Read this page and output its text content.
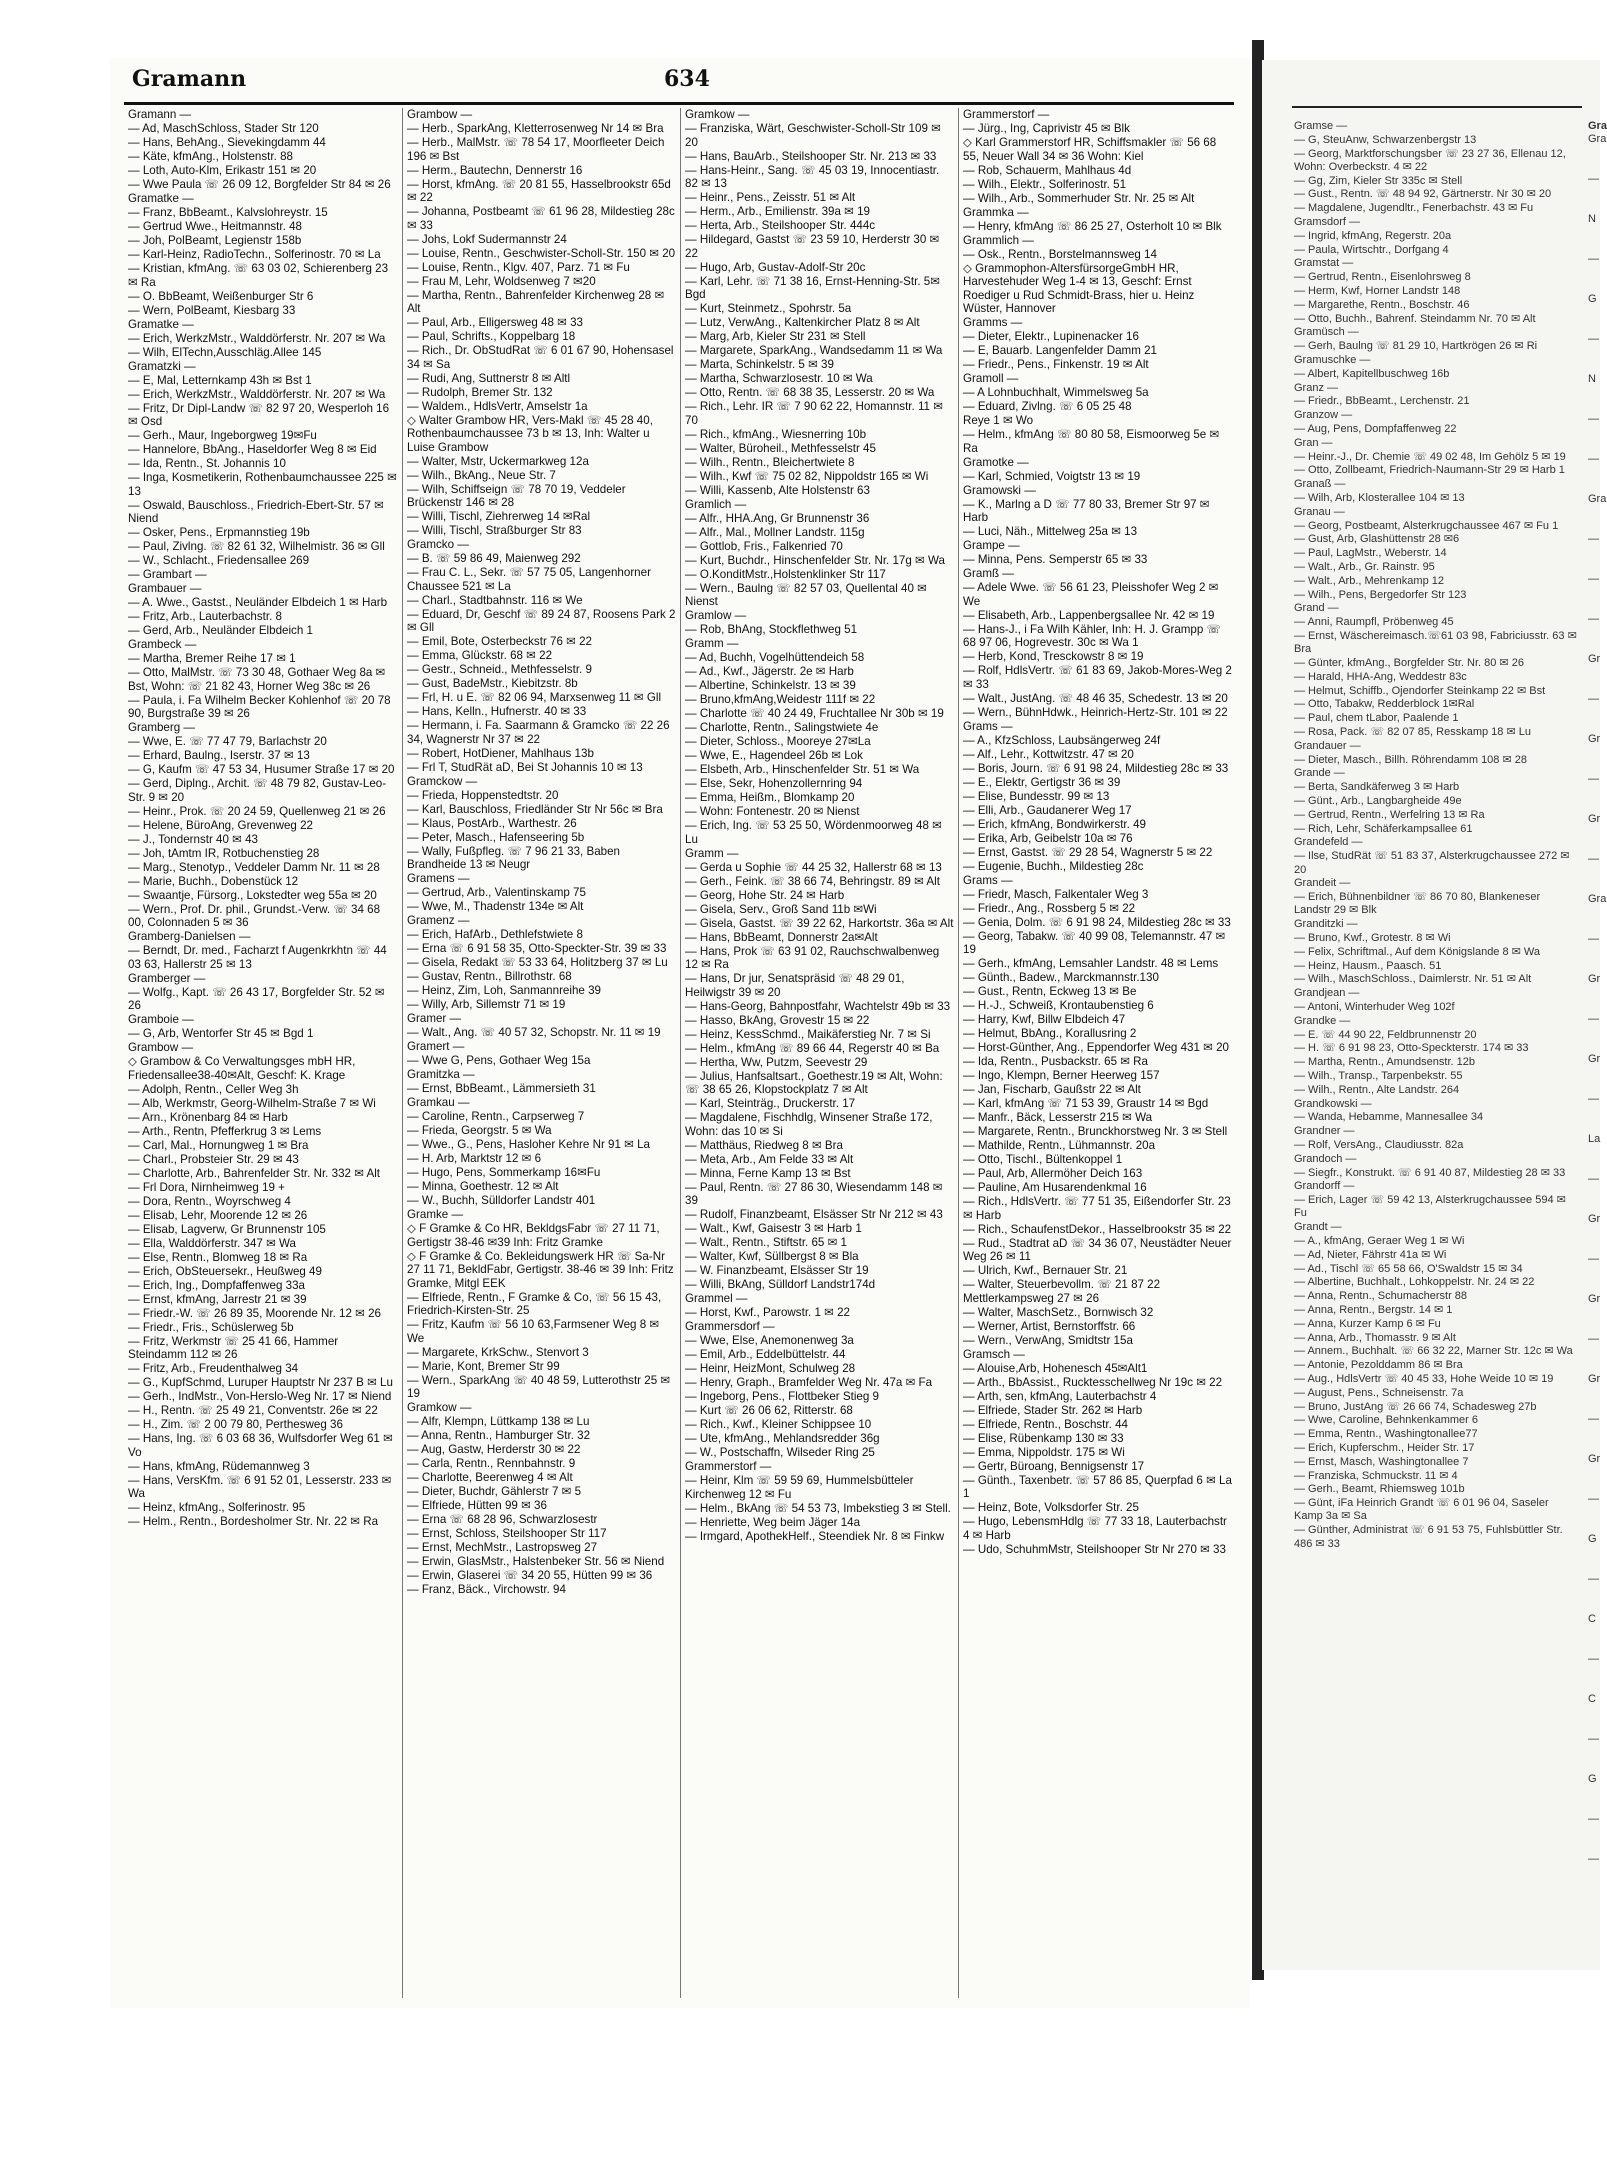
Gramann	634
Gramann —
— Ad, MaschSchloss, Stader Str 120
— Hans, BehAng., Sievekingdamm 44
— Käte, kfmAng., Holstenstr. 88
— Loth, Auto-Klm, Erikastr 151 ✉ 20
— Wwe Paula ☏ 26 09 12, Borgfelder Str 84 ✉ 26
Gramatke —
— Franz, BbBeamt., Kalvslohreystr. 15
— Gertrud Wwe., Heitmannstr. 48
— Joh, PolBeamt, Legienstr 158b
— Karl-Heinz, RadioTechn., Solferinostr. 70 ✉ La
— Kristian, kfmAng. ☏ 63 03 02, Schierenberg 23 ✉ Ra
— O. BbBeamt, Weißenburger Str 6
— Wern, PolBeamt, Kiesbarg 33
Gramatke —
— Erich, WerkzMstr., Walddörferstr. Nr. 207 ✉ Wa
— Wilh, ElTechn,Ausschläg.Allee 145
Gramatzki —
— E, Mal, Letternkamp 43h ✉ Bst 1
— Erich, WerkzMstr., Walddörferstr. Nr. 207 ✉ Wa
— Fritz, Dr Dipl-Landw ☏ 82 97 20, Wesperloh 16 ✉ Osd
— Gerh., Maur, Ingeborgweg 19✉Fu
— Hannelore, BbAng., Haseldorfer Weg 8 ✉ Eid
— Ida, Rentn., St. Johannis 10
— Inga, Kosmetikerin, Rothenbaumchaussee 225 ✉ 13
— Oswald, Bauschloss., Friedrich-Ebert-Str. 57 ✉ Niend
— Osker, Pens., Erpmannstieg 19b
— Paul, Zivlng. ☏ 82 61 32, Wilhelmistr. 36 ✉ Gll
— W., Schlacht., Friedensallee 269
— Grambart —
Grambauer —
— A. Wwe., Gastst., Neuländer Elbdeich 1 ✉ Harb
— Fritz, Arb., Lauterbachstr. 8
— Gerd, Arb., Neuländer Elbdeich 1
Grambeck —
— Martha, Bremer Reihe 17 ✉ 1
— Otto, MalMstr. ☏ 73 30 48, Gothaer Weg 8a ✉ Bst, Wohn: ☏ 21 82 43, Horner Weg 38c ✉ 26
— Paula, i. Fa Wilhelm Becker Kohlenhof ☏ 20 78 90, Burgstraße 39 ✉ 26
Gramberg —
— Wwe, E. ☏ 77 47 79, Barlachstr 20
— Erhard, Baulng., Iserstr. 37 ✉ 13
— G, Kaufm ☏ 47 53 34, Husumer Straße 17 ✉ 20
— Gerd, Diplng., Archit. ☏ 48 79 82, Gustav-Leo-Str. 9 ✉ 20
— Heinr., Prok. ☏ 20 24 59, Quellenweg 21 ✉ 26
— Helene, BüroAng, Grevenweg 22
— J., Tondernstr 40 ✉ 43
— Joh, tAmtm IR, Rotbuchenstieg 28
— Marg., Stenotyp., Veddeler Damm Nr. 11 ✉ 28
— Marie, Buchh., Dobenstück 12
— Swaantje, Fürsorg., Lokstedter weg 55a ✉ 20
— Wern., Prof. Dr. phil., Grundst.-Verw. ☏ 34 68 00, Colonnaden 5 ✉ 36
Gramberg-Danielsen —
— Berndt, Dr. med., Facharzt f Augenkrkhtn ☏ 44 03 63, Hallerstr 25 ✉ 13
Gramberger —
— Wolfg., Kapt. ☏ 26 43 17, Borgfelder Str. 52 ✉ 26
Gramboie —
— G, Arb, Wentorfer Str 45 ✉ Bgd 1
Grambow —
◇ Grambow & Co Verwaltungsges mbH HR, Friedensallee38-40✉Alt, Geschf: K. Krage
— Adolph, Rentn., Celler Weg 3h
— Alb, Werkmstr, Georg-Wilhelm-Straße 7 ✉ Wi
— Arn., Krönenbarg 84 ✉ Harb
— Arth., Rentn, Pfefferkrug 3 ✉ Lems
— Carl, Mal., Hornungweg 1 ✉ Bra
— Charl., Probsteier Str. 29 ✉ 43
— Charlotte, Arb., Bahrenfelder Str. Nr. 332 ✉ Alt
— Frl Dora, Nirnheimweg 19 +
— Dora, Rentn., Woyrschweg 4
— Elisab, Lehr, Moorende 12 ✉ 26
— Elisab, Lagverw, Gr Brunnenstr 105
— Ella, Walddörferstr. 347 ✉ Wa
— Else, Rentn., Blomweg 18 ✉ Ra
— Erich, ObSteuersekr., Heußweg 49
— Erich, Ing., Dompfaffenweg 33a
— Ernst, kfmAng, Jarrestr 21 ✉ 39
— Friedr.-W. ☏ 26 89 35, Moorende Nr. 12 ✉ 26
— Friedr., Fris., Schüslerweg 5b
— Fritz, Werkmstr ☏ 25 41 66, Hammer Steindamm 112 ✉ 26
— Fritz, Arb., Freudenthalweg 34
— G., KupfSchmd, Luruper Hauptstr Nr 237 B ✉ Lu
— Gerh., IndMstr., Von-Herslo-Weg Nr. 17 ✉ Niend
— H., Rentn. ☏ 25 49 21, Conventstr. 26e ✉ 22
— H., Zim. ☏ 2 00 79 80, Perthesweg 36
— Hans, Ing. ☏ 6 03 68 36, Wulfsdorfer Weg 61 ✉ Vo
— Hans, kfmAng, Rüdemannweg 3
— Hans, VersKfm. ☏ 6 91 52 01, Lesserstr. 233 ✉ Wa
— Heinz, kfmAng., Solferinostr. 95
— Helm., Rentn., Bordesholmer Str. Nr. 22 ✉ Ra
Grambow —
— Herb., SparkAng, Kletterrosenweg Nr 14 ✉ Bra
— Herb., MalMstr. ☏ 78 54 17, Moorfleeter Deich 196 ✉ Bst
— Herm., Bautechn, Dennerstr 16
— Horst, kfmAng. ☏ 20 81 55, Hasselbrookstr 65d ✉ 22
— Johanna, Postbeamt ☏ 61 96 28, Mildestieg 28c ✉ 33
— Johs, Lokf Sudermannstr 24
— Louise, Rentn., Geschwister-Scholl-Str. 150 ✉ 20
— Louise, Rentn., Klgv. 407, Parz. 71 ✉ Fu
— Frau M, Lehr, Woldsenweg 7 ✉20
— Martha, Rentn., Bahrenfelder Kirchenweg 28 ✉ Alt
— Paul, Arb., Elligersweg 48 ✉ 33
— Paul, Schrifts., Koppelbarg 18
— Rich., Dr. ObStudRat ☏ 6 01 67 90, Hohensasel 34 ✉ Sa
— Rudi, Ang, Suttnerstr 8 ✉ Altl
— Rudolph, Bremer Str. 132
— Waldem., HdlsVertr, Amselstr 1a
◇ Walter Grambow HR, Vers-Makl ☏ 45 28 40, Rothenbaumchaussee 73 b ✉ 13, Inh: Walter u Luise Grambow
— Walter, Mstr, Uckermarkweg 12a
— Wilh., BkAng., Neue Str. 7
— Wilh, Schiffseign ☏ 78 70 19, Veddeler Brückenstr 146 ✉ 28
— Willi, Tischl, Ziehrerweg 14 ✉Ral
— Willi, Tischl, Straßburger Str 83
Gramcko —
— B. ☏ 59 86 49, Maienweg 292
— Frau C. L., Sekr. ☏ 57 75 05, Langenhorner Chaussee 521 ✉ La
— Charl., Stadtbahnstr. 116 ✉ We
— Eduard, Dr, Geschf ☏ 89 24 87, Roosens Park 2 ✉ Gll
— Emil, Bote, Osterbeckstr 76 ✉ 22
— Emma, Glückstr. 68 ✉ 22
— Gestr., Schneid., Methfesselstr. 9
— Gust, BadeMstr., Kiebitzstr. 8b
— Frl, H. u E. ☏ 82 06 94, Marxsenweg 11 ✉ Gll
— Hans, Kelln., Hufnerstr. 40 ✉ 33
— Hermann, i. Fa. Saarmann & Gramcko ☏ 22 26 34, Wagnerstr Nr 37 ✉ 22
— Robert, HotDiener, Mahlhaus 13b
— Frl T, StudRät aD, Bei St Johannis 10 ✉ 13
Gramckow —
— Frieda, Hoppenstedtstr. 20
— Karl, Bauschloss, Friedländer Str Nr 56c ✉ Bra
— Klaus, PostArb., Warthestr. 26
— Peter, Masch., Hafenseering 5b
— Wally, Fußpfleg. ☏ 7 96 21 33, Baben Brandheide 13 ✉ Neugr
Gramens —
— Gertrud, Arb., Valentinskamp 75
— Wwe, M., Thadenstr 134e ✉ Alt
Gramenz —
— Erich, HafArb., Dethlefstwiete 8
— Erna ☏ 6 91 58 35, Otto-Speckter-Str. 39 ✉ 33
— Gisela, Redakt ☏ 53 33 64, Holitzberg 37 ✉ Lu
— Gustav, Rentn., Billrothstr. 68
— Heinz, Zim, Loh, Sanmannreihe 39
— Willy, Arb, Sillemstr 71 ✉ 19
Gramer —
— Walt., Ang. ☏ 40 57 32, Schopstr. Nr. 11 ✉ 19
Gramert —
— Wwe G, Pens, Gothaer Weg 15a
Gramitzka —
— Ernst, BbBeamt., Lämmersieth 31
Gramkau —
— Caroline, Rentn., Carpserweg 7
— Frieda, Georgstr. 5 ✉ Wa
— Wwe., G., Pens, Hasloher Kehre Nr 91 ✉ La
— H. Arb, Marktstr 12 ✉ 6
— Hugo, Pens, Sommerkamp 16✉Fu
— Minna, Goethestr. 12 ✉ Alt
— W., Buchh, Sülldorfer Landstr 401
Gramke —
◇ F Gramke & Co HR, BekldgsFabr ☏ 27 11 71, Gertigstr 38-46 ✉39 Inh: Fritz Gramke
◇ F Gramke & Co. Bekleidungswerk HR ☏ Sa-Nr 27 11 71, BekldFabr, Gertigstr. 38-46 ✉ 39 Inh: Fritz Gramke, Mitgl EEK
— Elfriede, Rentn., F Gramke & Co, ☏ 56 15 43, Friedrich-Kirsten-Str. 25
— Fritz, Kaufm ☏ 56 10 63,Farmsener Weg 8 ✉ We
— Margarete, KrkSchw., Stenvort 3
— Marie, Kont, Bremer Str 99
— Wern., SparkAng ☏ 40 48 59, Lutterothstr 25 ✉ 19
Gramkow —
— Alfr, Klempn, Lüttkamp 138 ✉ Lu
— Anna, Rentn., Hamburger Str. 32
— Aug, Gastw, Herderstr 30 ✉ 22
— Carla, Rentn., Rennbahnstr. 9
— Charlotte, Beerenweg 4 ✉ Alt
— Dieter, Buchdr, Gählerstr 7 ✉ 5
— Elfriede, Hütten 99 ✉ 36
— Erna ☏ 68 28 96, Schwarzlosestr
— Ernst, Schloss, Steilshooper Str 117
— Ernst, MechMstr., Lastropsweg 27
— Erwin, GlasMstr., Halstenbeker Str. 56 ✉ Niend
— Erwin, Glaserei ☏ 34 20 55, Hütten 99 ✉ 36
— Franz, Bäck., Virchowstr. 94
Gramkow —
— Franziska, Wärt, Geschwister-Scholl-Str 109 ✉ 20
— Hans, BauArb., Steilshooper Str. Nr. 213 ✉ 33
— Hans-Heinr., Sang. ☏ 45 03 19, Innocentiastr. 82 ✉ 13
— Heinr., Pens., Zeisstr. 51 ✉ Alt
— Herm., Arb., Emilienstr. 39a ✉ 19
— Herta, Arb., Steilshooper Str. 444c
— Hildegard, Gastst ☏ 23 59 10, Herderstr 30 ✉ 22
— Hugo, Arb, Gustav-Adolf-Str 20c
— Karl, Lehr. ☏ 71 38 16, Ernst-Henning-Str. 5✉ Bgd
— Kurt, Steinmetz., Spohrstr. 5a
— Lutz, VerwAng., Kaltenkircher Platz 8 ✉ Alt
— Marg, Arb, Kieler Str 231 ✉ Stell
— Margarete, SparkAng., Wandsedamm 11 ✉ Wa
— Marta, Schinkelstr. 5 ✉ 39
— Martha, Schwarzlosestr. 10 ✉ Wa
— Otto, Rentn. ☏ 68 38 35, Lesserstr. 20 ✉ Wa
— Rich., Lehr. IR ☏ 7 90 62 22, Homannstr. 11 ✉ 70
— Rich., kfmAng., Wiesnerring 10b
— Walter, Büroheil., Methfesselstr 45
— Wilh., Rentn., Bleichertwiete 8
— Wilh., Kwf ☏ 75 02 82, Nippoldstr 165 ✉ Wi
— Willi, Kassenb, Alte Holstenstr 63
Gramlich —
— Alfr., HHA.Ang, Gr Brunnenstr 36
— Alfr., Mal., Mollner Landstr. 115g
— Gottlob, Fris., Falkenried 70
— Kurt, Buchdr., Hinschenfelder Str. Nr. 17g ✉ Wa
— O.KonditMstr.,Holstenklinker Str 117
— Wern., Baulng ☏ 82 57 03, Quellental 40 ✉ Nienst
Gramlow —
— Rob, BhAng, Stockflethweg 51
Gramm —
— Ad, Buchh, Vogelhüttendeich 58
— Ad., Kwf., Jägerstr. 2e ✉ Harb
— Albertine, Schinkelstr. 13 ✉ 39
— Bruno,kfmAng,Weidestr 111f ✉ 22
— Charlotte ☏ 40 24 49, Fruchtallee Nr 30b ✉ 19
— Charlotte, Rentn., Salingstwiete 4e
— Dieter, Schloss., Mooreye 27✉La
— Wwe, E., Hagendeel 26b ✉ Lok
— Elsbeth, Arb., Hinschenfelder Str. 51 ✉ Wa
— Else, Sekr, Hohenzollernring 94
— Emma, Heißm., Blomkamp 20
— Wohn: Fontenestr. 20 ✉ Nienst
— Erich, Ing. ☏ 53 25 50, Wördenmoorweg 48 ✉ Lu
Gramm —
— Gerda u Sophie ☏ 44 25 32, Hallerstr 68 ✉ 13
— Gerh., Feink. ☏ 38 66 74, Behringstr. 89 ✉ Alt
— Georg, Hohe Str. 24 ✉ Harb
— Gisela, Serv., Groß Sand 11b ✉Wi
— Gisela, Gastst. ☏ 39 22 62, Harkortstr. 36a ✉ Alt
— Hans, BbBeamt, Donnerstr 2a✉Alt
— Hans, Prok ☏ 63 91 02, Rauchschwalbenweg 12 ✉ Ra
— Hans, Dr jur, Senatspräsid ☏ 48 29 01, Heilwigstr 39 ✉ 20
— Hans-Georg, Bahnpostfahr, Wachtelstr 49b ✉ 33
— Hasso, BkAng, Grovestr 15 ✉ 22
— Heinz, KessSchmd., Maikäferstieg Nr. 7 ✉ Si
— Helm., kfmAng ☏ 89 66 44, Regerstr 40 ✉ Ba
— Hertha, Ww, Putzm, Seevestr 29
— Julius, Hanfsaltsart., Goethestr.19 ✉ Alt, Wohn: ☏ 38 65 26, Klopstockplatz 7 ✉ Alt
— Karl, Steinträg., Druckerstr. 17
— Magdalene, Fischhdlg, Winsener Straße 172, Wohn: das 10 ✉ Si
— Matthäus, Riedweg 8 ✉ Bra
— Meta, Arb., Am Felde 33 ✉ Alt
— Minna, Ferne Kamp 13 ✉ Bst
— Paul, Rentn. ☏ 27 86 30, Wiesendamm 148 ✉ 39
— Rudolf, Finanzbeamt, Elsässer Str Nr 212 ✉ 43
— Walt., Kwf, Gaisestr 3 ✉ Harb 1
— Walt., Rentn., Stiftstr. 65 ✉ 1
— Walter, Kwf, Süllbergst 8 ✉ Bla
— W. Finanzbeamt, Elsässer Str 19
— Willi, BkAng, Sülldorf Landstr174d
Grammel —
— Horst, Kwf., Parowstr. 1 ✉ 22
Grammersdorf —
— Wwe, Else, Anemonenweg 3a
— Emil, Arb., Eddelbüttelstr. 44
— Heinr, HeizMont, Schulweg 28
— Henry, Graph., Bramfelder Weg Nr. 47a ✉ Fa
— Ingeborg, Pens., Flottbeker Stieg 9
— Kurt ☏ 26 06 62, Ritterstr. 68
— Rich., Kwf., Kleiner Schippsee 10
— Ute, kfmAng., Mehlandsredder 36g
— W., Postschaffn, Wilseder Ring 25
Grammerstorf —
— Heinr, Klm ☏ 59 59 69, Hummelsbütteler Kirchenweg 12 ✉ Fu
— Helm., BkAng ☏ 54 53 73, Imbekstieg 3 ✉ Stell.
— Henriette, Weg beim Jäger 14a
— Irmgard, ApothekHelf., Steendiek Nr. 8 ✉ Finkw
Grammerstorf —
— Jürg., Ing, Caprivistr 45 ✉ Blk
◇ Karl Grammerstorf HR, Schiffsmakler ☏ 56 68 55, Neuer Wall 34 ✉ 36 Wohn: Kiel
— Rob, Schauerm, Mahlhaus 4d
— Wilh., Elektr., Solferinostr. 51
— Wilh., Arb., Sommerhuder Str. Nr. 25 ✉ Alt
Grammka —
— Henry, kfmAng ☏ 86 25 27, Osterholt 10 ✉ Blk
Grammlich —
— Osk., Rentn., Borstelmannsweg 14
◇ Grammophon-AltersfürsorgeGmbH HR, Harvestehuder Weg 1-4 ✉ 13, Geschf: Ernst Roediger u Rud Schmidt-Brass, hier u. Heinz Wüster, Hannover
Gramms —
— Dieter, Elektr., Lupinenacker 16
— E, Bauarb. Langenfelder Damm 21
— Friedr., Pens., Finkenstr. 19 ✉ Alt
Gramoll —
— A Lohnbuchhalt, Wimmelsweg 5a
— Eduard, Zivlng. ☏ 6 05 25 48
Reye 1 ✉ Wo
— Helm., kfmAng ☏ 80 80 58, Eismoorweg 5e ✉ Ra
Gramotke —
— Karl, Schmied, Voigtstr 13 ✉ 19
Gramowski —
— K., Marlng a D ☏ 77 80 33, Bremer Str 97 ✉ Harb
— Luci, Näh., Mittelweg 25a ✉ 13
Grampe —
— Minna, Pens. Semperstr 65 ✉ 33
Gramß —
— Adele Wwe. ☏ 56 61 23, Pleisshofer Weg 2 ✉ We
— Elisabeth, Arb., Lappenbergsallee Nr. 42 ✉ 19
— Hans-J., i Fa Wilh Kähler, Inh: H. J. Grampp ☏ 68 97 06, Hogrevestr. 30c ✉ Wa 1
— Herb, Kond, Tresckowstr 8 ✉ 19
— Rolf, HdlsVertr. ☏ 61 83 69, Jakob-Mores-Weg 2 ✉ 33
— Walt., JustAng. ☏ 48 46 35, Schedestr. 13 ✉ 20
— Wern., BühnHdwk., Heinrich-Hertz-Str. 101 ✉ 22
Grams —
— A., KfzSchloss, Laubsängerweg 24f
— Alf., Lehr., Kottwitzstr. 47 ✉ 20
— Boris, Journ. ☏ 6 91 98 24, Mildestieg 28c ✉ 33
— E., Elektr, Gertigstr 36 ✉ 39
— Elise, Bundesstr. 99 ✉ 13
— Elli, Arb., Gaudanerer Weg 17
— Erich, kfmAng, Bondwirkerstr. 49
— Erika, Arb, Geibelstr 10a ✉ 76
— Ernst, Gastst. ☏ 29 28 54, Wagnerstr 5 ✉ 22
— Eugenie, Buchh., Mildestieg 28c
Grams —
— Friedr, Masch, Falkentaler Weg 3
— Friedr., Ang., Rossberg 5 ✉ 22
— Genia, Dolm. ☏ 6 91 98 24, Mildestieg 28c ✉ 33
— Georg, Tabakw. ☏ 40 99 08, Telemannstr. 47 ✉ 19
— Gerh., kfmAng, Lemsahler Landstr. 48 ✉ Lems
— Günth., Badew., Marckmannstr.130
— Gust., Rentn, Eckweg 13 ✉ Be
— H.-J., Schweiß, Krontaubenstieg 6
— Harry, Kwf, Billw Elbdeich 47
— Helmut, BbAng., Korallusring 2
— Horst-Günther, Ang., Eppendorfer Weg 431 ✉ 20
— Ida, Rentn., Pusbackstr. 65 ✉ Ra
— Ingo, Klempn, Berner Heerweg 157
— Jan, Fischarb, Gaußstr 22 ✉ Alt
— Karl, kfmAng ☏ 71 53 39, Graustr 14 ✉ Bgd
— Manfr., Bäck, Lesserstr 215 ✉ Wa
— Margarete, Rentn., Brunckhorstweg Nr. 3 ✉ Stell
— Mathilde, Rentn., Lühmannstr. 20a
— Otto, Tischl., Bültenkoppel 1
— Paul, Arb, Allermöher Deich 163
— Pauline, Am Husarendenkmal 16
— Rich., HdlsVertr. ☏ 77 51 35, Eißendorfer Str. 23 ✉ Harb
— Rich., SchaufenstDekor., Hasselbrookstr 35 ✉ 22
— Rud., Stadtrat aD ☏ 34 36 07, Neustädter Neuer Weg 26 ✉ 11
— Ulrich, Kwf., Bernauer Str. 21
— Walter, Steuerbevollm. ☏ 21 87 22 Mettlerkampsweg 27 ✉ 26
— Walter, MaschSetz., Bornwisch 32
— Werner, Artist, Bernstorffstr. 66
— Wern., VerwAng, Smidtstr 15a
Gramsch —
— Alouise,Arb, Hohenesch 45✉Alt1
— Arth., BbAssist., Rucktesschellweg Nr 19c ✉ 22
— Arth, sen, kfmAng, Lauterbachstr 4
— Elfriede, Stader Str. 262 ✉ Harb
— Elfriede, Rentn., Boschstr. 44
— Elise, Rübenkamp 130 ✉ 33
— Emma, Nippoldstr. 175 ✉ Wi
— Gertr, Büroang, Bennigsenstr 17
— Günth., Taxenbetr. ☏ 57 86 85, Querpfad 6 ✉ La 1
— Heinz, Bote, Volksdorfer Str. 25
— Hugo, LebensmHdlg ☏ 77 33 18, Lauterbachstr 4 ✉ Harb
— Udo, SchuhmMstr, Steilshooper Str Nr 270 ✉ 33
Gramse —
— G, SteuAnw, Schwarzenbergstr 13
— Georg, Marktforschungsber ☏ 23 27 36, Ellenau 12, Wohn: Overbeckstr. 4 ✉ 22
— Gg, Zim, Kieler Str 335c ✉ Stell
— Gust., Rentn. ☏ 48 94 92, Gärtnerstr. Nr 30 ✉ 20
— Magdalene, Jugendltr., Fenerbachstr. 43 ✉ Fu
Gramsdorf —
— Ingrid, kfmAng, Regerstr. 20a
— Paula, Wirtschtr., Dorfgang 4
Gramstat —
— Gertrud, Rentn., Eisenlohrsweg 8
— Herm, Kwf, Horner Landstr 148
— Margarethe, Rentn., Boschstr. 46
— Otto, Buchh., Bahrenf. Steindamm Nr. 70 ✉ Alt
Gramüsch —
— Gerh, Baulng ☏ 81 29 10, Hartkrögen 26 ✉ Ri
Gramuschke —
— Albert, Kapitellbuschweg 16b
Granz —
— Friedr., BbBeamt., Lerchenstr. 21
Granzow —
— Aug, Pens, Dompfaffenweg 22
Gran —
— Heinr.-J., Dr. Chemie ☏ 49 02 48, Im Gehölz 5 ✉ 19
— Otto, Zollbeamt, Friedrich-Naumann-Str 29 ✉ Harb 1
Granaß —
— Wilh, Arb, Klosterallee 104 ✉ 13
Granau —
— Georg, Postbeamt, Alsterkrugchaussee 467 ✉ Fu 1
— Gust, Arb, Glashüttenstr 28 ✉6
— Paul, LagMstr., Weberstr. 14
— Walt., Arb., Gr. Rainstr. 95
— Walt., Arb., Mehrenkamp 12
— Wilh., Pens, Bergedorfer Str 123
Grand —
— Anni, Raumpfl, Pröbenweg 45
— Ernst, Wäschereimasch.☏61 03 98, Fabriciusstr. 63 ✉ Bra
— Günter, kfmAng., Borgfelder Str. Nr. 80 ✉ 26
— Harald, HHA-Ang, Weddestr 83c
— Helmut, Schiffb., Ojendorfer Steinkamp 22 ✉ Bst
— Otto, Tabakw, Redderblock 1✉Ral
— Paul, chem tLabor, Paalende 1
— Rosa, Pack. ☏ 82 07 85, Resskamp 18 ✉ Lu
Grandauer —
— Dieter, Masch., Billh. Röhrendamm 108 ✉ 28
Grande —
— Berta, Sandkäferweg 3 ✉ Harb
— Günt., Arb., Langbargheide 49e
— Gertrud, Rentn., Werfelring 13 ✉ Ra
— Rich, Lehr, Schäferkampsallee 61
Grandefeld —
— Ilse, StudRät ☏ 51 83 37, Alsterkrugchaussee 272 ✉ 20
Grandeit —
— Erich, Bühnenbildner ☏ 86 70 80, Blankeneser Landstr 29 ✉ Blk
Granditzki —
— Bruno, Kwf., Grotestr. 8 ✉ Wi
— Felix, Schriftmal., Auf dem Königslande 8 ✉ Wa
— Heinz, Hausm., Paasch. 51
— Wilh., MaschSchloss., Daimlerstr. Nr. 51 ✉ Alt
Grandjean —
— Antoni, Winterhuder Weg 102f
Grandke —
— E. ☏ 44 90 22, Feldbrunnenstr 20
— H. ☏ 6 91 98 23, Otto-Speckterstr. 174 ✉ 33
— Martha, Rentn., Amundsenstr. 12b
— Wilh., Transp., Tarpenbekstr. 55
— Wilh., Rentn., Alte Landstr. 264
Grandkowski —
— Wanda, Hebamme, Mannesallee 34
Grandner —
— Rolf, VersAng., Claudiusstr. 82a
Grandoch —
— Siegfr., Konstrukt. ☏ 6 91 40 87, Mildestieg 28 ✉ 33
Grandorff —
— Erich, Lager ☏ 59 42 13, Alsterkrugchaussee 594 ✉ Fu
Grandt —
— A., kfmAng, Geraer Weg 1 ✉ Wi
— Ad, Nieter, Fährstr 41a ✉ Wi
— Ad., Tischl ☏ 65 58 66, O'Swaldstr 15 ✉ 34
— Albertine, Buchhalt., Lohkoppelstr. Nr. 24 ✉ 22
— Anna, Rentn., Schumacherstr 88
— Anna, Rentn., Bergstr. 14 ✉ 1
— Anna, Kurzer Kamp 6 ✉ Fu
— Anna, Arb., Thomasstr. 9 ✉ Alt
— Annem., Buchhalt. ☏ 66 32 22, Marner Str. 12c ✉ Wa
— Antonie, Pezolddamm 86 ✉ Bra
— Aug., HdlsVertr ☏ 40 45 33, Hohe Weide 10 ✉ 19
— August, Pens., Schneisenstr. 7a
— Bruno, JustAng ☏ 26 66 74, Schadesweg 27b
— Wwe, Caroline, Behnkenkammer 6
— Emma, Rentn., Washingtonallee77
— Erich, Kupferschm., Heider Str. 17
— Ernst, Masch, Washingtonallee 7
— Franziska, Schmuckstr. 11 ✉ 4
— Gerh., Beamt, Rhiemsweg 101b
— Günt, iFa Heinrich Grandt ☏ 6 01 96 04, Saseler Kamp 3a ✉ Sa
— Günther, Administrat ☏ 6 91 53 75, Fuhlsbüttler Str. 486 ✉ 33
Gra
Gra
—
N
—
G
—
N
—
—
Gra
—
—
—
Gr
—
Gr
—
Gr
—
Gra
—
Gr
—
Gr
—
La
—
Gr
—
Gr
—
Gr
—
Gr
—
G
—
C
—
C
—
G
—
—
